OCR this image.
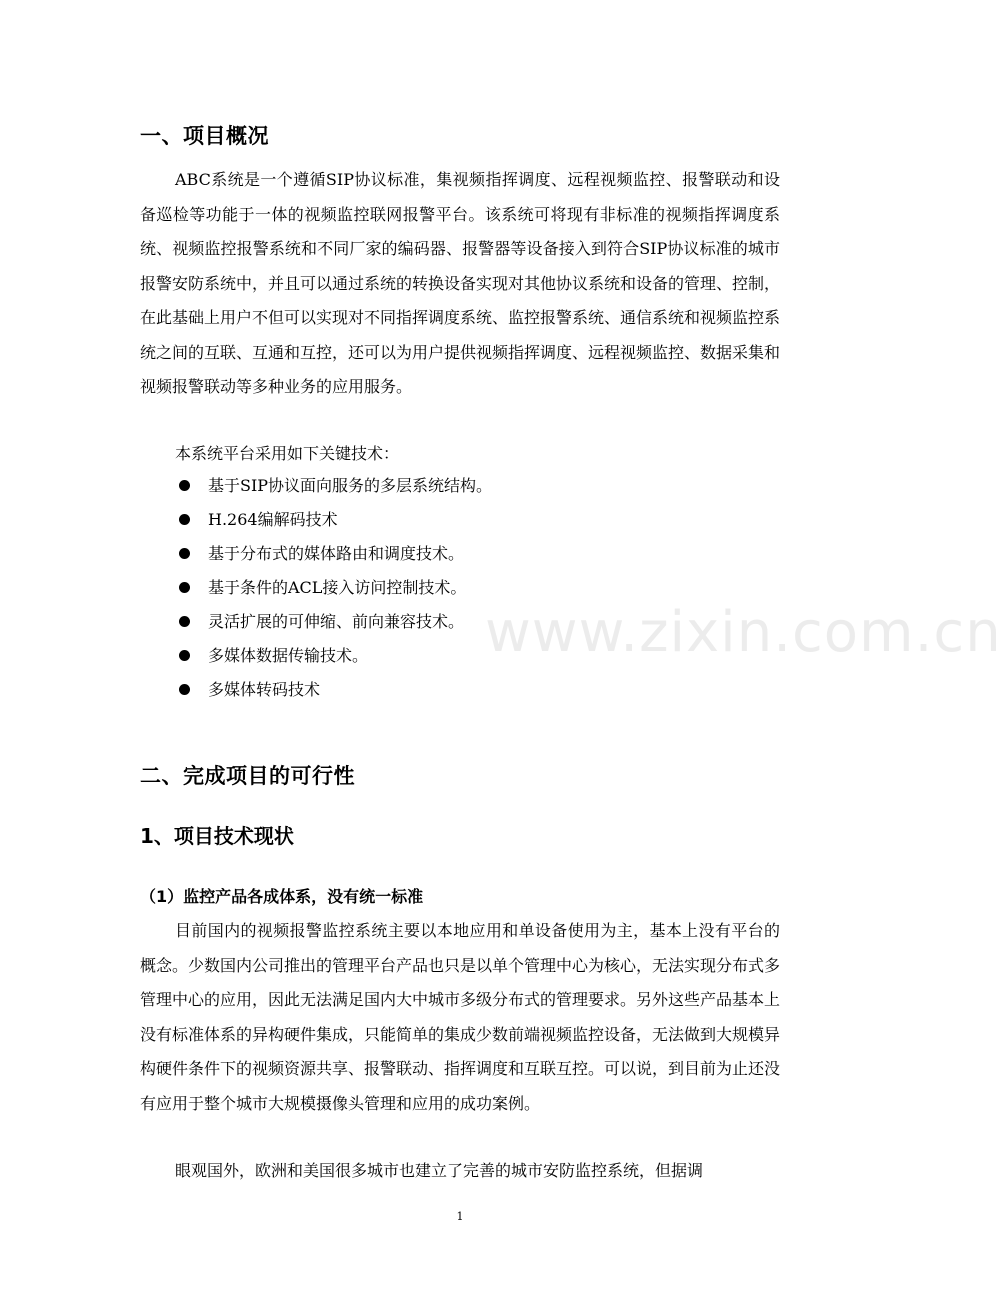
一、项目概况

ABC系统是一个遵循SIP协议标准，集视频指挥调度、远程视频监控、报警联动和设备巡检等功能于一体的视频监控联网报警平台。该系统可将现有非标准的视频指挥调度系统、视频监控报警系统和不同厂家的编码器、报警器等设备接入到符合SIP协议标准的城市报警安防系统中，并且可以通过系统的转换设备实现对其他协议系统和设备的管理、控制，在此基础上用户不但可以实现对不同指挥调度系统、监控报警系统、通信系统和视频监控系统之间的互联、互通和互控，还可以为用户提供视频指挥调度、远程视频监控、数据采集和视频报警联动等多种业务的应用服务。

本系统平台采用如下关键技术：

基于SIP协议面向服务的多层系统结构。
H.264编解码技术
基于分布式的媒体路由和调度技术。
基于条件的ACL接入访问控制技术。
灵活扩展的可伸缩、前向兼容技术。
多媒体数据传输技术。
多媒体转码技术
www.zixin.com.cn
二、完成项目的可行性
1、项目技术现状
（1）监控产品各成体系，没有统一标准

目前国内的视频报警监控系统主要以本地应用和单设备使用为主，基本上没有平台的概念。少数国内公司推出的管理平台产品也只是以单个管理中心为核心，无法实现分布式多管理中心的应用，因此无法满足国内大中城市多级分布式的管理要求。另外这些产品基本上没有标准体系的异构硬件集成，只能简单的集成少数前端视频监控设备，无法做到大规模异构硬件条件下的视频资源共享、报警联动、指挥调度和互联互控。可以说，到目前为止还没有应用于整个城市大规模摄像头管理和应用的成功案例。

眼观国外，欧洲和美国很多城市也建立了完善的城市安防监控系统，但据调

1
